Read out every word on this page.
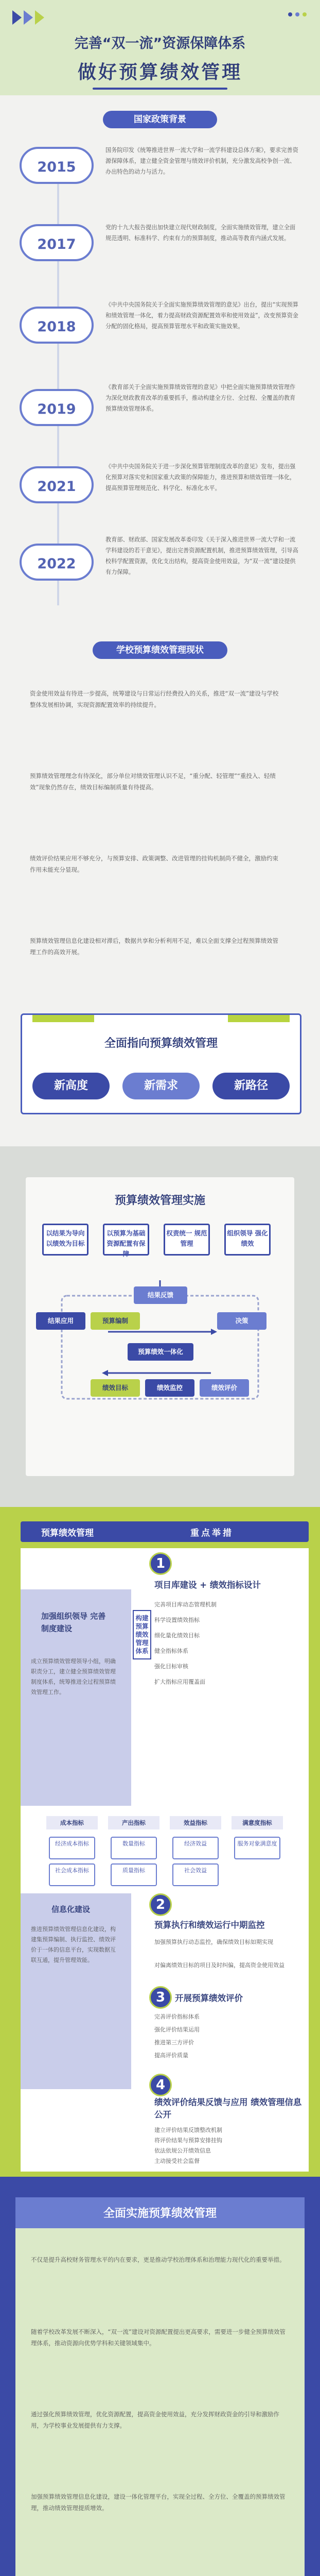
完善“双一流”资源保障体系
做好预算绩效管理
国家政策背景
2015
国务院印发《统筹推进世界一流大学和一流学科建设总体方案》，要求完善资源保障体系，建立健全资金管理与绩效评价机制，充分激发高校争创一流、办出特色的动力与活力。
2017
党的十九大报告提出加快建立现代财政制度，全面实施绩效管理，建立全面规范透明、标准科学、约束有力的预算制度，推动高等教育内涵式发展。
2018
《中共中央国务院关于全面实施预算绩效管理的意见》出台，提出“实现预算和绩效管理一体化，着力提高财政资源配置效率和使用效益”，改变预算资金分配的固化格局，提高预算管理水平和政策实施效果。
2019
《教育部关于全面实施预算绩效管理的意见》中把全面实施预算绩效管理作为深化财政教育改革的重要抓手，推动构建全方位、全过程、全覆盖的教育预算绩效管理体系。
2021
《中共中央国务院关于进一步深化预算管理制度改革的意见》发布，提出强化预算对落实党和国家重大政策的保障能力，推进预算和绩效管理一体化，提高预算管理规范化、科学化、标准化水平。
2022
教育部、财政部、国家发展改革委印发《关于深入推进世界一流大学和一流学科建设的若干意见》，提出完善资源配置机制，推进预算绩效管理，引导高校科学配置资源，优化支出结构，提高资金使用效益，为“双一流”建设提供有力保障。
学校预算绩效管理现状
资金使用效益有待进一步提高，统筹建设与日常运行经费投入的关系，推进“双一流”建设与学校整体发展相协调，实现资源配置效率的持续提升。
预算绩效管理理念有待深化，部分单位对绩效管理认识不足，“重分配、轻管理”“重投入、轻绩效”现象仍然存在，绩效目标编制质量有待提高。
绩效评价结果应用不够充分，与预算安排、政策调整、改进管理的挂钩机制尚不健全，激励约束作用未能充分显现。
预算绩效管理信息化建设相对滞后，数据共享和分析利用不足，难以全面支撑全过程预算绩效管理工作的高效开展。
全面指向预算绩效管理
新高度	新需求	新路径
预算绩效管理实施
以结果为导向 以绩效为目标
以预算为基础 资源配置有保障
权责统一 规范管理
组织领导 强化绩效
结果反馈
结果应用	预算编制
预算绩效一体化
决策
绩效目标	绩效监控	绩效评价
预算绩效管理	重点举措
加强组织领导 完善制度建设
成立预算绩效管理领导小组，明确职责分工，建立健全预算绩效管理制度体系，统筹推进全过程预算绩效管理工作。
信息化建设
推进预算绩效管理信息化建设，构建集预算编制、执行监控、绩效评价于一体的信息平台，实现数据互联互通，提升管理效能。
构建预算绩效管理体系
1
项目库建设 + 绩效指标设计
完善项目库动态管理机制
科学设置绩效指标
细化量化绩效目标
健全指标体系
强化目标审核
扩大指标应用覆盖面
成本指标	产出指标	效益指标	满意度指标
经济成本指标
社会成本指标
数量指标
质量指标
经济效益
社会效益
服务对象满意度
2
预算执行和绩效运行中期监控
加强预算执行动态监控，确保绩效目标如期实现
对偏离绩效目标的项目及时纠偏，提高资金使用效益
3	开展预算绩效评价
完善评价指标体系
强化评价结果运用
推进第三方评价
提高评价质量
4
绩效评价结果反馈与应用 绩效管理信息公开
建立评价结果反馈整改机制
将评价结果与预算安排挂钩
依法依规公开绩效信息
主动接受社会监督
全面实施预算绩效管理
不仅是提升高校财务管理水平的内在要求，更是推动学校治理体系和治理能力现代化的重要举措。
随着学校改革发展不断深入，“双一流”建设对资源配置提出更高要求，需要进一步健全预算绩效管理体系，推动资源向优势学科和关键领域集中。
通过强化预算绩效管理，优化资源配置，提高资金使用效益，充分发挥财政资金的引导和激励作用，为学校事业发展提供有力支撑。
加强预算绩效管理信息化建设，建设一体化管理平台，实现全过程、全方位、全覆盖的预算绩效管理，推动绩效管理提质增效。
